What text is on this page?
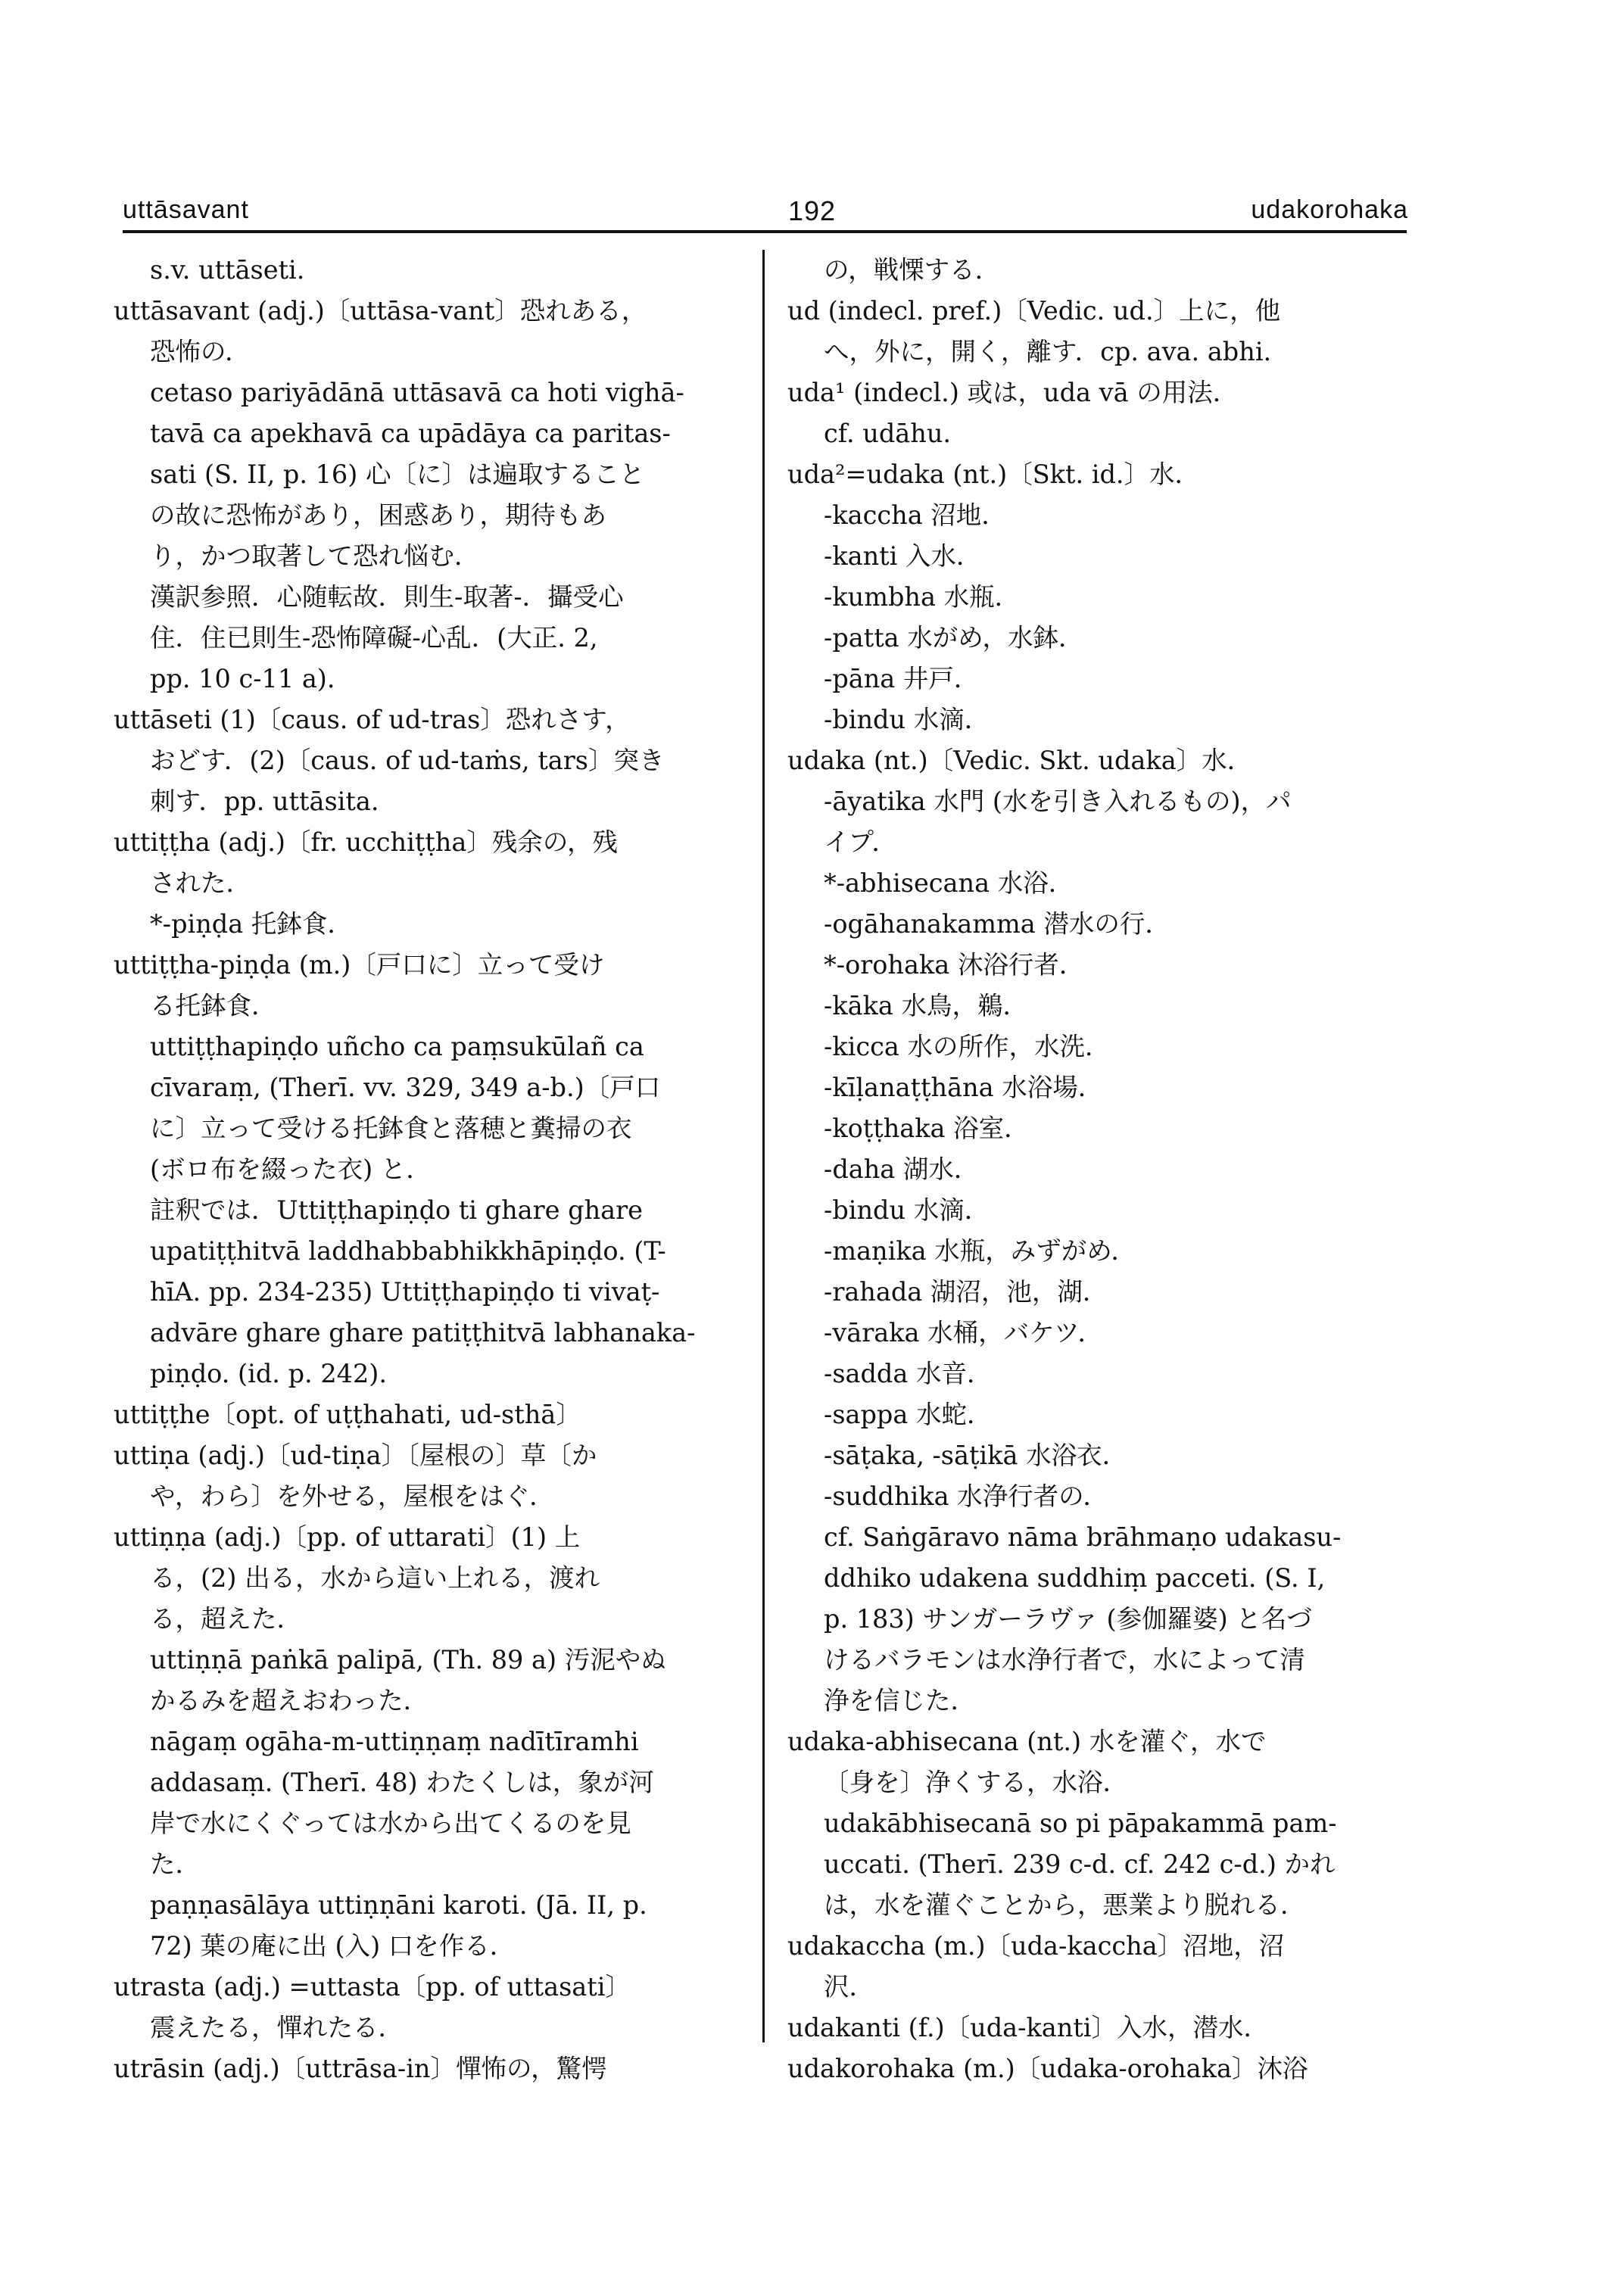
uttāsavant	192	udakorohaka
s.v. uttāseti.
uttāsavant (adj.)〔uttāsa-vant〕恐れある，
恐怖の．
cetaso pariyādānā uttāsavā ca hoti vighā-
tavā ca apekhavā ca upādāya ca paritas-
sati (S. II, p. 16) 心〔に〕は遍取すること
の故に恐怖があり，困惑あり，期待もあ
り，かつ取著して恐れ悩む．
漢訳参照．心随転故．則生-取著-．攝受心
住．住已則生-恐怖障礙-心乱．(大正. 2,
pp. 10 c-11 a).
uttāseti (1)〔caus. of ud-tras〕恐れさす，
おどす．(2)〔caus. of ud-taṁs, tars〕突き
刺す．pp. uttāsita.
uttiṭṭha (adj.)〔fr. ucchiṭṭha〕残余の，残
された．
*-piṇḍa 托鉢食．
uttiṭṭha-piṇḍa (m.)〔戸口に〕立って受け
る托鉢食．
uttiṭṭhapiṇḍo uñcho ca paṃsukūlañ ca
cīvaraṃ, (Therī. vv. 329, 349 a-b.)〔戸口
に〕立って受ける托鉢食と落穂と糞掃の衣
(ボロ布を綴った衣) と．
註釈では．Uttiṭṭhapiṇḍo ti ghare ghare
upatiṭṭhitvā laddhabbabhikkhāpiṇḍo. (T-
hīA. pp. 234-235) Uttiṭṭhapiṇḍo ti vivaṭ-
advāre ghare ghare patiṭṭhitvā labhanaka-
piṇḍo. (id. p. 242).
uttiṭṭhe〔opt. of uṭṭhahati, ud-sthā〕
uttiṇa (adj.)〔ud-tiṇa〕〔屋根の〕草〔か
や，わら〕を外せる，屋根をはぐ．
uttiṇṇa (adj.)〔pp. of uttarati〕(1) 上
る，(2) 出る，水から這い上れる，渡れ
る，超えた．
uttiṇṇā paṅkā palipā, (Th. 89 a) 汚泥やぬ
かるみを超えおわった．
nāgaṃ ogāha-m-uttiṇṇaṃ nadītīramhi
addasaṃ. (Therī. 48) わたくしは，象が河
岸で水にくぐっては水から出てくるのを見
た．
paṇṇasālāya uttiṇṇāni karoti. (Jā. II, p.
72) 葉の庵に出 (入) 口を作る．
utrasta (adj.) =uttasta〔pp. of uttasati〕
震えたる，憚れたる．
utrāsin (adj.)〔uttrāsa-in〕憚怖の，驚愕
の，戦慄する．
ud (indecl. pref.)〔Vedic. ud.〕上に，他
へ，外に，開く，離す．cp. ava. abhi.
uda¹ (indecl.) 或は，uda vā の用法．
cf. udāhu.
uda²=udaka (nt.)〔Skt. id.〕水．
-kaccha 沼地．
-kanti 入水．
-kumbha 水瓶．
-patta 水がめ，水鉢．
-pāna 井戸．
-bindu 水滴．
udaka (nt.)〔Vedic. Skt. udaka〕水．
-āyatika 水門 (水を引き入れるもの)，パ
イプ．
*-abhisecana 水浴．
-ogāhanakamma 潜水の行．
*-orohaka 沐浴行者．
-kāka 水鳥，鵜．
-kicca 水の所作，水洗．
-kīḷanaṭṭhāna 水浴場．
-koṭṭhaka 浴室．
-daha 湖水．
-bindu 水滴．
-maṇika 水瓶，みずがめ．
-rahada 湖沼，池，湖．
-vāraka 水桶，バケツ．
-sadda 水音．
-sappa 水蛇．
-sāṭaka, -sāṭikā 水浴衣．
-suddhika 水浄行者の．
cf. Saṅgāravo nāma brāhmaṇo udakasu-
ddhiko udakena suddhiṃ pacceti. (S. I,
p. 183) サンガーラヴァ (参伽羅婆) と名づ
けるバラモンは水浄行者で，水によって清
浄を信じた．
udaka-abhisecana (nt.) 水を灌ぐ，水で
〔身を〕浄くする，水浴．
udakābhisecanā so pi pāpakammā pam-
uccati. (Therī. 239 c-d. cf. 242 c-d.) かれ
は，水を灌ぐことから，悪業より脱れる．
udakaccha (m.)〔uda-kaccha〕沼地，沼
沢．
udakanti (f.)〔uda-kanti〕入水，潜水．
udakorohaka (m.)〔udaka-orohaka〕沐浴
